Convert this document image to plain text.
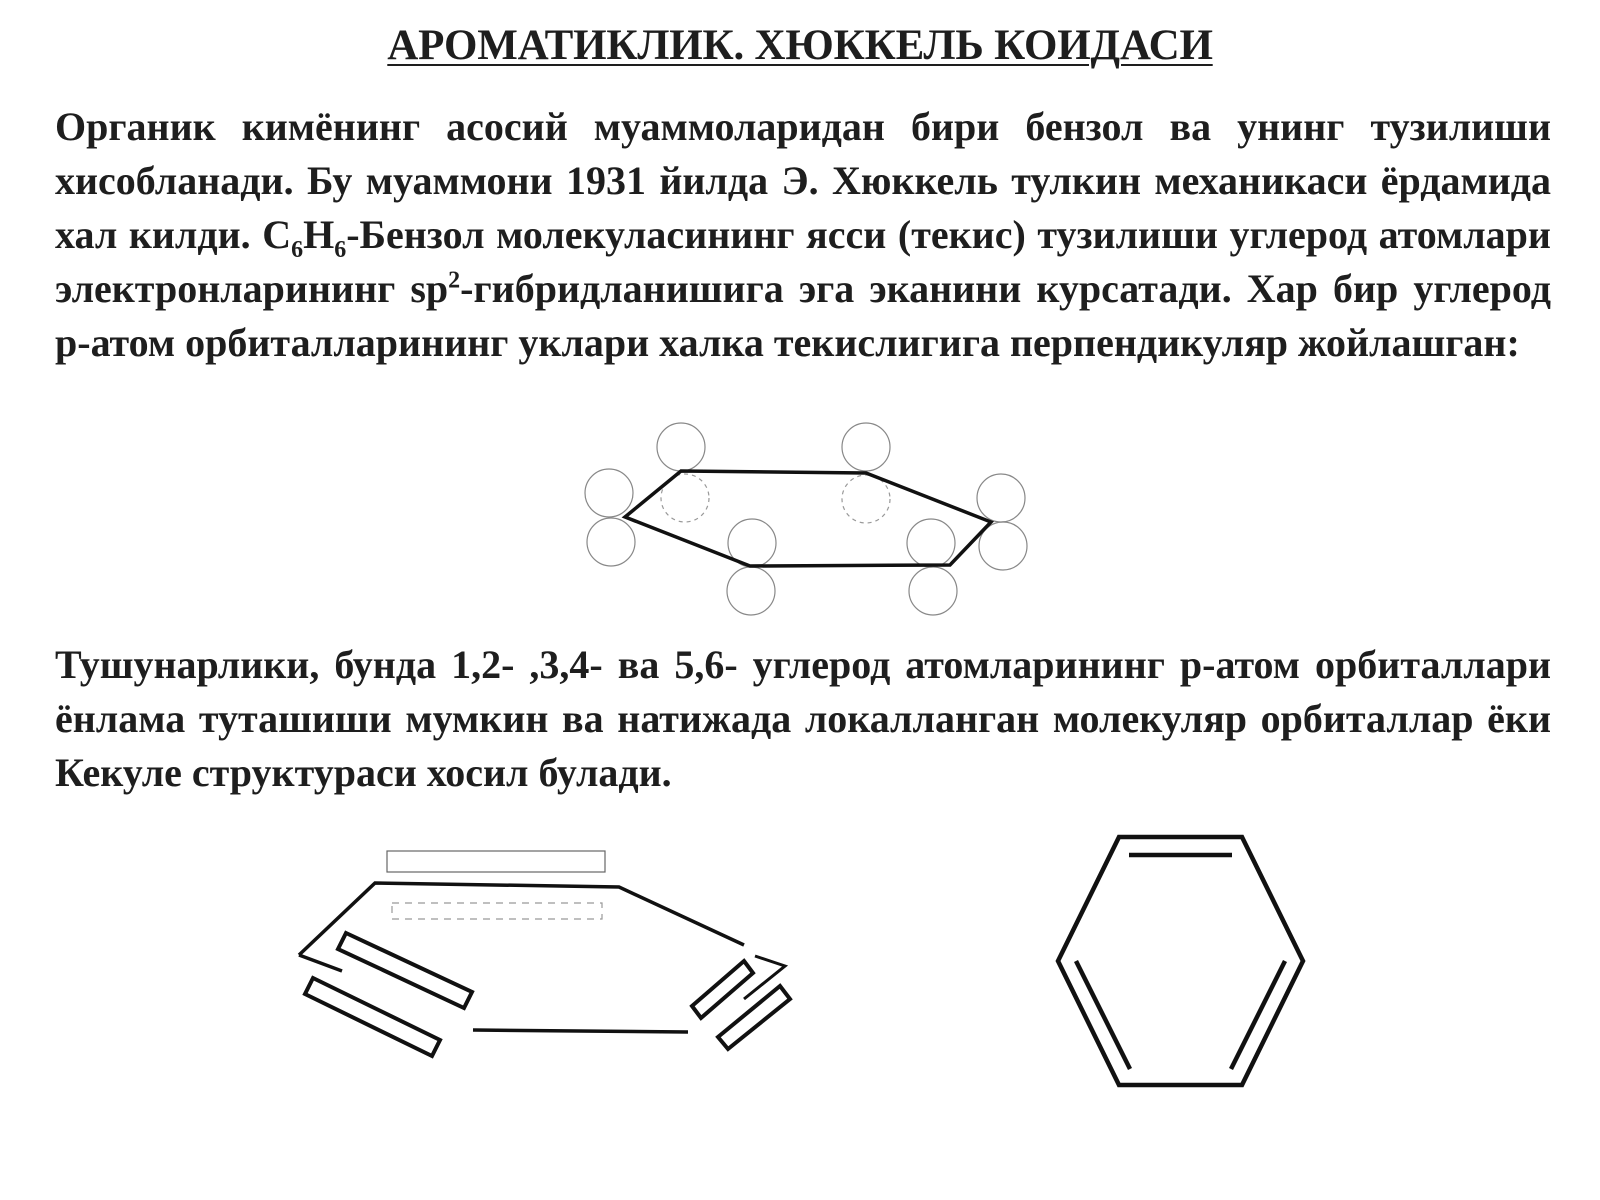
АРОМАТИКЛИК. ХЮККЕЛЬ КОИДАСИ

Органик кимёнинг асосий муаммоларидан бири бензол ва унинг тузилиши хисобланади. Бу муаммони 1931 йилда Э. Хюккель тулкин механикаси ёрдамида хал килди. $C_6H_6$-Бензол молекуласининг ясси (текис) тузилиши углерод атомлари электронларининг $sp^2$-гибридланишига эга эканини курсатади. Хар бир углерод p-атом орбиталларининг уклари халка текислигига перпендикуляр жойлашган:

Тушунарлики, бунда 1,2- ,3,4- ва 5,6- углерод атомларининг p-атом орбиталлари ёнлама туташиши мумкин ва натижада локалланган молекуляр орбиталлар ёки Кекуле структураси хосил булади.
